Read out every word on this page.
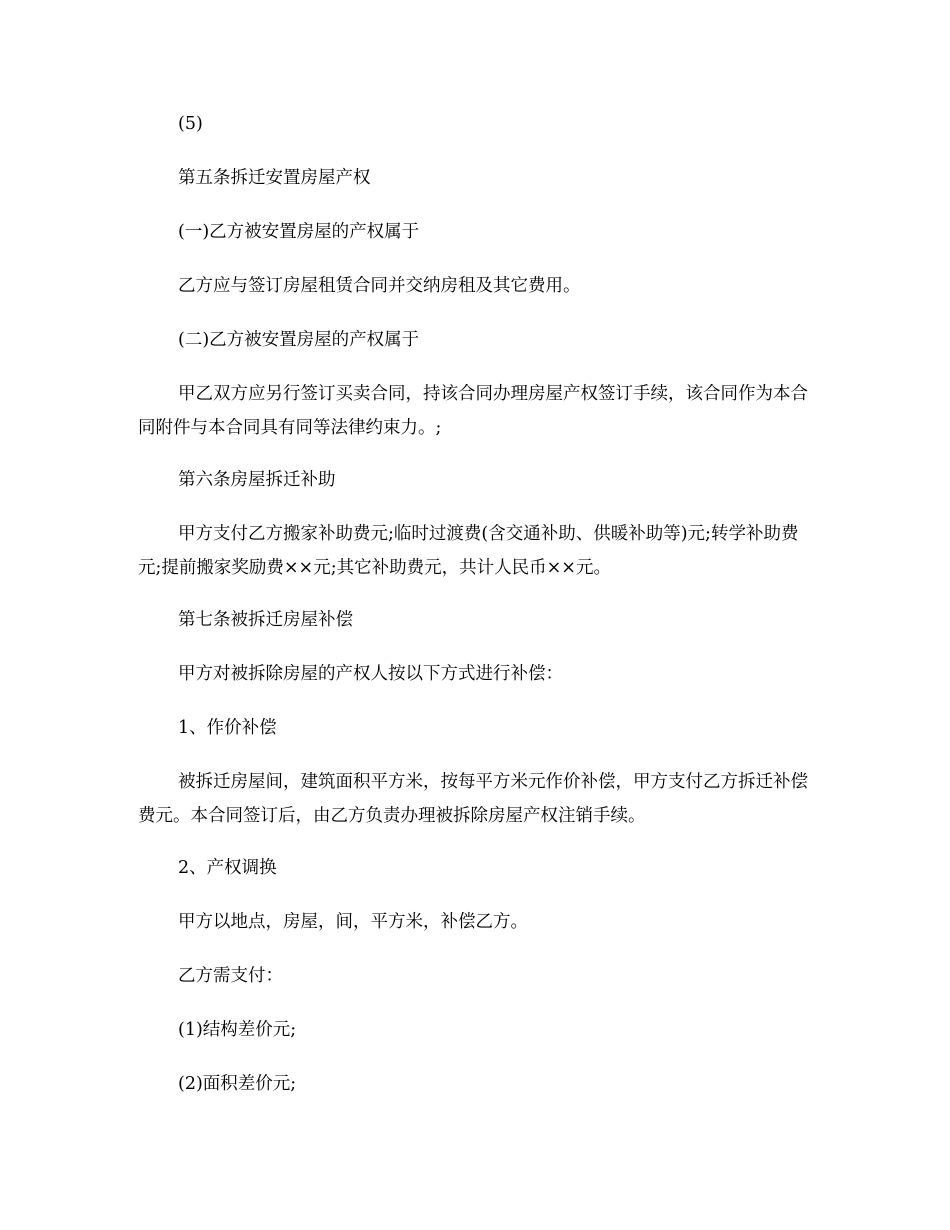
(5)

第五条拆迁安置房屋产权

(一)乙方被安置房屋的产权属于

乙方应与签订房屋租赁合同并交纳房租及其它费用。

(二)乙方被安置房屋的产权属于

甲乙双方应另行签订买卖合同，持该合同办理房屋产权签订手续，该合同作为本合同附件与本合同具有同等法律约束力。;

第六条房屋拆迁补助

甲方支付乙方搬家补助费元;临时过渡费(含交通补助、供暖补助等)元;转学补助费元;提前搬家奖励费××元;其它补助费元，共计人民币××元。

第七条被拆迁房屋补偿

甲方对被拆除房屋的产权人按以下方式进行补偿：

1、作价补偿

被拆迁房屋间，建筑面积平方米，按每平方米元作价补偿，甲方支付乙方拆迁补偿费元。本合同签订后，由乙方负责办理被拆除房屋产权注销手续。

2、产权调换

甲方以地点，房屋，间，平方米，补偿乙方。

乙方需支付：

(1)结构差价元;

(2)面积差价元;
